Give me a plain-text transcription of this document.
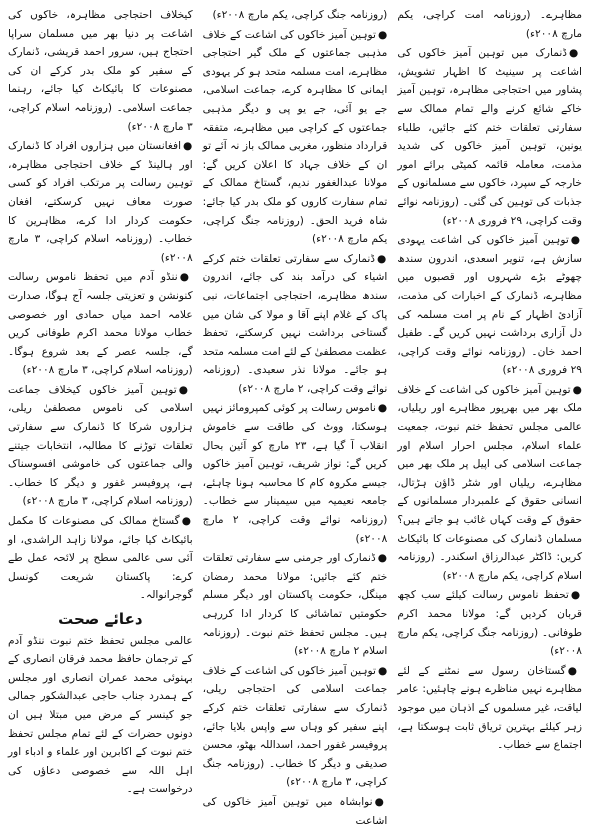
مظاہرے۔ (روزنامہ امت کراچی، یکم مارچ ۲۰۰۸ء)

●ڈنمارک میں توہین آمیز خاکوں کی اشاعت پر سینیٹ کا اظہار تشویش، پشاور میں احتجاجی مظاہرہ، توہین آمیز خاکے شائع کرنے والے تمام ممالک سے سفارتی تعلقات ختم کئے جائیں، طلباء یونین، توہین آمیز خاکوں کی شدید مذمت، معاملہ قائمہ کمیٹی برائے امور خارجہ کے سپرد، خاکوں سے مسلمانوں کے جذبات کی توہین کی گئی۔ (روزنامہ نوائے وقت کراچی، ۲۹ فروری ۲۰۰۸ء)

●توہین آمیز خاکوں کی اشاعت یہودی سازش ہے، تنویر اسعدی، اندرون سندھ چھوٹے بڑے شہروں اور قصبوں میں مظاہرے، ڈنمارک کے اخبارات کی مذمت، آزادئ اظہار کے نام پر امت مسلمہ کی دل آزاری برداشت نہیں کریں گے۔ طفیل احمد خان۔ (روزنامہ نوائے وقت کراچی، ۲۹ فروری ۲۰۰۸ء)

●توہین آمیز خاکوں کی اشاعت کے خلاف ملک بھر میں بھرپور مظاہرے اور ریلیاں، عالمی مجلس تحفظ ختم نبوت، جمعیت علماء اسلام، مجلس احرار اسلام اور جماعت اسلامی کی اپیل پر ملک بھر میں مظاہرے، ریلیاں اور شٹر ڈاؤن ہڑتال، انسانی حقوق کے علمبردار مسلمانوں کے حقوق کے وقت کہاں غائب ہو جاتے ہیں؟ مسلمان ڈنمارک کی مصنوعات کا بائیکاٹ کریں: ڈاکٹر عبدالرزاق اسکندر۔ (روزنامہ اسلام کراچی، یکم مارچ ۲۰۰۸ء)

●تحفظ ناموس رسالت کیلئے سب کچھ قربان کردیں گے: مولانا محمد اکرم طوفانی۔ (روزنامہ جنگ کراچی، یکم مارچ ۲۰۰۸ء)

●گستاخان رسول سے نمٹنے کے لئے مظاہرے نہیں مناظرے ہونے چاہئیں: عامر لیاقت، غیر مسلموں کے اذہان میں موجود زہر کیلئے بہترین تریاق ثابت ہوسکتا ہے، اجتماع سے خطاب۔

(روزنامہ جنگ کراچی، یکم مارچ ۲۰۰۸ء)

●توہین آمیز خاکوں کی اشاعت کے خلاف مذہبی جماعتوں کے ملک گیر احتجاجی مظاہرے، امت مسلمہ متحد ہو کر یہودی ایمانی کا مظاہرہ کرے، جماعت اسلامی، جے یو آئی، جے یو پی و دیگر مذہبی جماعتوں کے کراچی میں مظاہرے، متفقہ قرارداد منظور، مغربی ممالک باز نہ آئے تو ان کے خلاف جہاد کا اعلان کریں گے: مولانا عبدالغفور ندیم، گستاخ ممالک کے تمام سفارت کاروں کو ملک بدر کیا جائے: شاہ فرید الحق۔ (روزنامہ جنگ کراچی، یکم مارچ ۲۰۰۸ء)

●ڈنمارک سے سفارتی تعلقات ختم کرکے اشیاء کی درآمد بند کی جائے، اندرون سندھ مظاہرے، احتجاجی اجتماعات، نبی پاک کے غلام اپنے آقا و مولا کی شان میں گستاخی برداشت نہیں کرسکتے، تحفظ عظمت مصطفیٰ کے لئے امت مسلمہ متحد ہو جائے۔ مولانا نذر سعیدی۔ (روزنامہ نوائے وقت کراچی، ۲ مارچ ۲۰۰۸ء)

●ناموس رسالت پر کوئی کمپرومائز نہیں ہوسکتا، ووٹ کی طاقت سے خاموش انقلاب آ گیا ہے، ۲۳ مارچ کو آئین بحال کریں گے: نواز شریف، توہین آمیز خاکوں جیسے مکروہ کام کا محاسبہ ہونا چاہئے، جامعہ نعیمیہ میں سیمینار سے خطاب۔ (روزنامہ نوائے وقت کراچی، ۲ مارچ ۲۰۰۸ء)

●ڈنمارک اور جرمنی سے سفارتی تعلقات ختم کئے جائیں: مولانا محمد رمضان مینگل، حکومت پاکستان اور دیگر مسلم حکومتیں تماشائی کا کردار ادا کررہی ہیں۔ مجلس تحفظ ختم نبوت۔ (روزنامہ اسلام ۲ مارچ ۲۰۰۸ء)

●توہین آمیز خاکوں کی اشاعت کے خلاف جماعت اسلامی کی احتجاجی ریلی، ڈنمارک سے سفارتی تعلقات ختم کرکے اپنے سفیر کو وہاں سے واپس بلایا جائے، پروفیسر غفور احمد، اسداللہ بھٹو، محسن صدیقی و دیگر کا خطاب۔ (روزنامہ جنگ کراچی، ۳ مارچ ۲۰۰۸ء)

●نوابشاہ میں توہین آمیز خاکوں کی اشاعت

کیخلاف احتجاجی مظاہرہ، خاکوں کی اشاعت پر دنیا بھر میں مسلمان سراپا احتجاج ہیں، سرور احمد قریشی، ڈنمارک کے سفیر کو ملک بدر کرکے ان کی مصنوعات کا بائیکاٹ کیا جائے، رہنما جماعت اسلامی۔ (روزنامہ اسلام کراچی، ۳ مارچ ۲۰۰۸ء)

●افغانستان میں ہزاروں افراد کا ڈنمارک اور ہالینڈ کے خلاف احتجاجی مظاہرہ، توہین رسالت پر مرتکب افراد کو کسی صورت معاف نہیں کرسکتے، افغان حکومت کردار ادا کرے، مظاہرین کا خطاب۔ (روزنامہ اسلام کراچی، ۳ مارچ ۲۰۰۸ء)

●ننڈو آدم میں تحفظ ناموس رسالت کنونشن و تعزیتی جلسہ آج ہوگا، صدارت علامہ احمد میاں حمادی اور خصوصی خطاب مولانا محمد اکرم طوفانی کریں گے، جلسہ عصر کے بعد شروع ہوگا۔ (روزنامہ اسلام کراچی، ۳ مارچ ۲۰۰۸ء)

●توہین آمیز خاکوں کیخلاف جماعت اسلامی کی ناموس مصطفیٰ ریلی، ہزاروں شرکا کا ڈنمارک سے سفارتی تعلقات توڑنے کا مطالبہ، انتخابات جیتنے والی جماعتوں کی خاموشی افسوسناک ہے، پروفیسر غفور و دیگر کا خطاب۔ (روزنامہ اسلام کراچی، ۳ مارچ ۲۰۰۸ء)

●گستاخ ممالک کی مصنوعات کا مکمل بائیکاٹ کیا جائے، مولانا زاہد الراشدی، او آئی سی عالمی سطح پر لائحہ عمل طے کرے: پاکستان شریعت کونسل گوجرانوالہ۔

دعائے صحت

عالمی مجلس تحفظ ختم نبوت ننڈو آدم کے ترجمان حافظ محمد فرقان انصاری کے بہنوئی محمد عمران انصاری اور مجلس کے ہمدرد جناب حاجی عبدالشکور جمالی جو کینسر کے مرض میں مبتلا ہیں ان دونوں حضرات کے لئے تمام مجلس تحفظ ختم نبوت کے اکابرین اور علماء و ادباء اور اہل اللہ سے خصوصی دعاؤں کی درخواست ہے۔
